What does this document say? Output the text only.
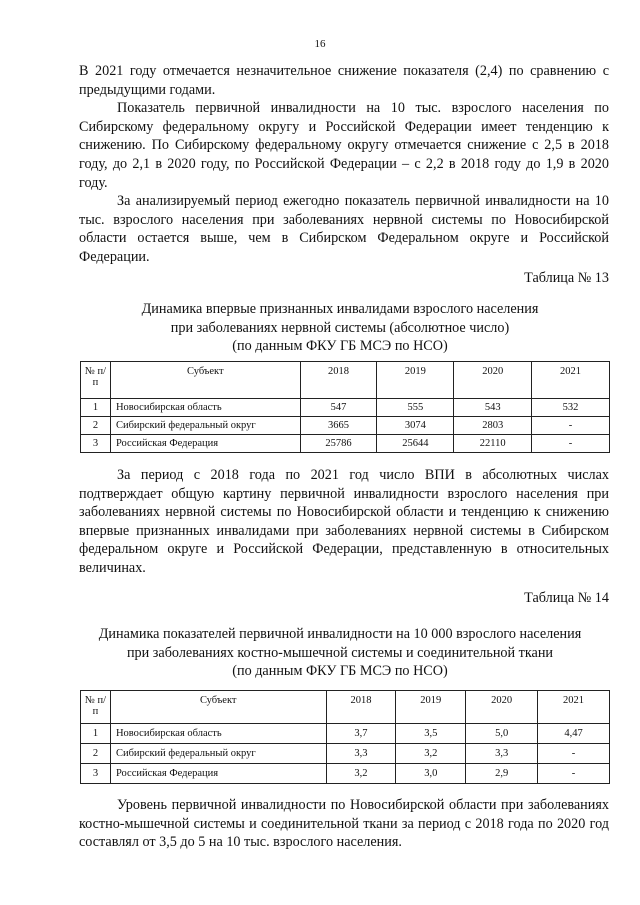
16

В 2021 году отмечается незначительное снижение показателя (2,4) по сравнению с предыдущими годами.

Показатель первичной инвалидности на 10 тыс. взрослого населения по Сибирскому федеральному округу и Российской Федерации имеет тенденцию к снижению. По Сибирскому федеральному округу отмечается снижение с 2,5 в 2018 году, до 2,1 в 2020 году, по Российской Федерации – с 2,2 в 2018 году до 1,9 в 2020 году.

За анализируемый период ежегодно показатель первичной инвалидности на 10 тыс. взрослого населения при заболеваниях нервной системы по Новосибирской области остается выше, чем в Сибирском Федеральном округе и Российской Федерации.

Таблица № 13
Динамика впервые признанных инвалидами взрослого населения
при заболеваниях нервной системы (абсолютное число)
(по данным ФКУ ГБ МСЭ по НСО)
№ п/п	Субъект	2018	2019	2020	2021
1	Новосибирская область	547	555	543	532
2	Сибирский федеральный округ	3665	3074	2803	-
3	Российская Федерация	25786	25644	22110	-

За период с 2018 года по 2021 год число ВПИ в абсолютных числах подтверждает общую картину первичной инвалидности взрослого населения при заболеваниях нервной системы по Новосибирской области и тенденцию к снижению впервые признанных инвалидами при заболеваниях нервной системы в Сибирском федеральном округе и Российской Федерации, представленную в относительных величинах.

Таблица № 14
Динамика показателей первичной инвалидности на 10 000 взрослого населения
при заболеваниях костно-мышечной системы и соединительной ткани
(по данным ФКУ ГБ МСЭ по НСО)
№ п/п	Субъект	2018	2019	2020	2021
1	Новосибирская область	3,7	3,5	5,0	4,47
2	Сибирский федеральный округ	3,3	3,2	3,3	-
3	Российская Федерация	3,2	3,0	2,9	-

Уровень первичной инвалидности по Новосибирской области при заболеваниях костно-мышечной системы и соединительной ткани за период с 2018 года по 2020 год составлял от 3,5 до 5 на 10 тыс. взрослого населения.
